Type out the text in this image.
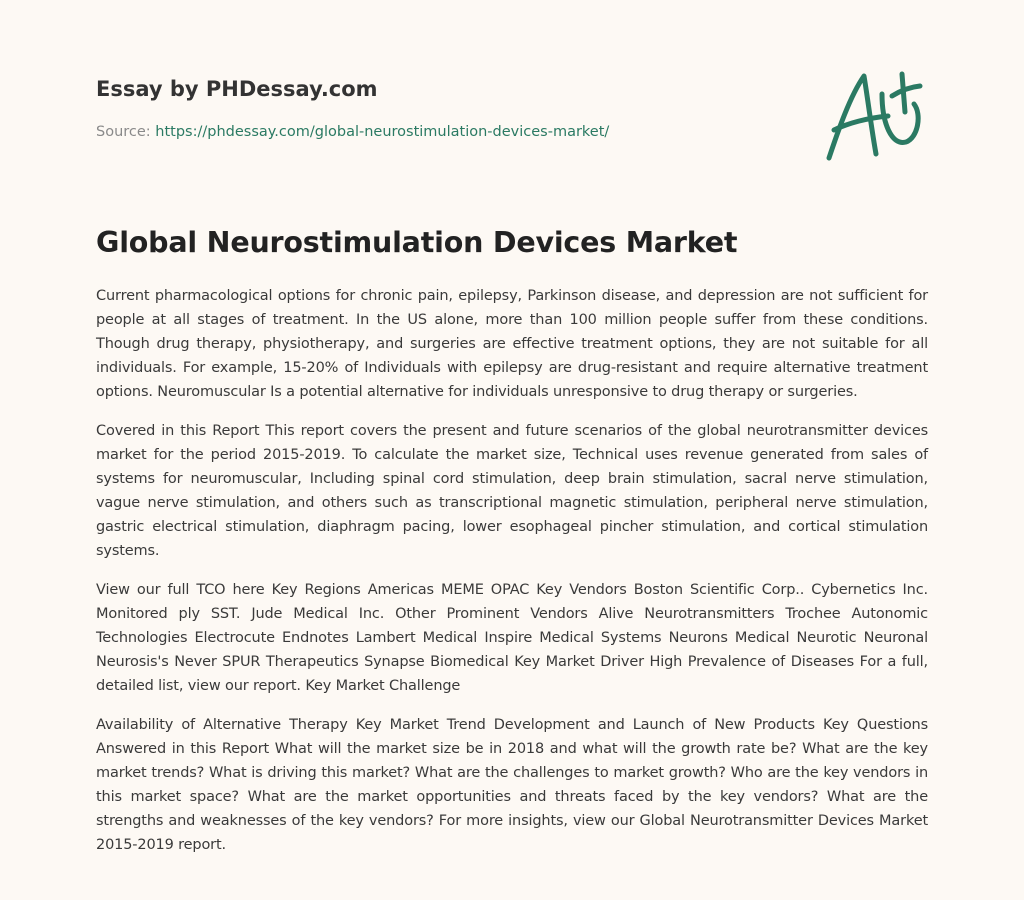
Essay by PHDessay.com

Source: https://phdessay.com/global-neurostimulation-devices-market/

Global Neurostimulation Devices Market

Current pharmacological options for chronic pain, epilepsy, Parkinson disease, and depression are not sufficient for people at all stages of treatment. In the US alone, more than 100 million people suffer from these conditions. Though drug therapy, physiotherapy, and surgeries are effective treatment options, they are not suitable for all individuals. For example, 15-20% of Individuals with epilepsy are drug-resistant and require alternative treatment options. Neuromuscular Is a potential alternative for individuals unresponsive to drug therapy or surgeries.

Covered in this Report This report covers the present and future scenarios of the global neurotransmitter devices market for the period 2015-2019. To calculate the market size, Technical uses revenue generated from sales of systems for neuromuscular, Including spinal cord stimulation, deep brain stimulation, sacral nerve stimulation, vague nerve stimulation, and others such as transcriptional magnetic stimulation, peripheral nerve stimulation, gastric electrical stimulation, diaphragm pacing, lower esophageal pincher stimulation, and cortical stimulation systems.

View our full TCO here Key Regions Americas MEME OPAC Key Vendors Boston Scientific Corp.. Cybernetics Inc. Monitored ply SST. Jude Medical Inc. Other Prominent Vendors Alive Neurotransmitters Trochee Autonomic Technologies Electrocute Endnotes Lambert Medical Inspire Medical Systems Neurons Medical Neurotic Neuronal Neurosis's Never SPUR Therapeutics Synapse Biomedical Key Market Driver High Prevalence of Diseases For a full, detailed list, view our report. Key Market Challenge

Availability of Alternative Therapy Key Market Trend Development and Launch of New Products Key Questions Answered in this Report What will the market size be in 2018 and what will the growth rate be? What are the key market trends? What is driving this market? What are the challenges to market growth? Who are the key vendors in this market space? What are the market opportunities and threats faced by the key vendors? What are the strengths and weaknesses of the key vendors? For more insights, view our Global Neurotransmitter Devices Market 2015-2019 report.
